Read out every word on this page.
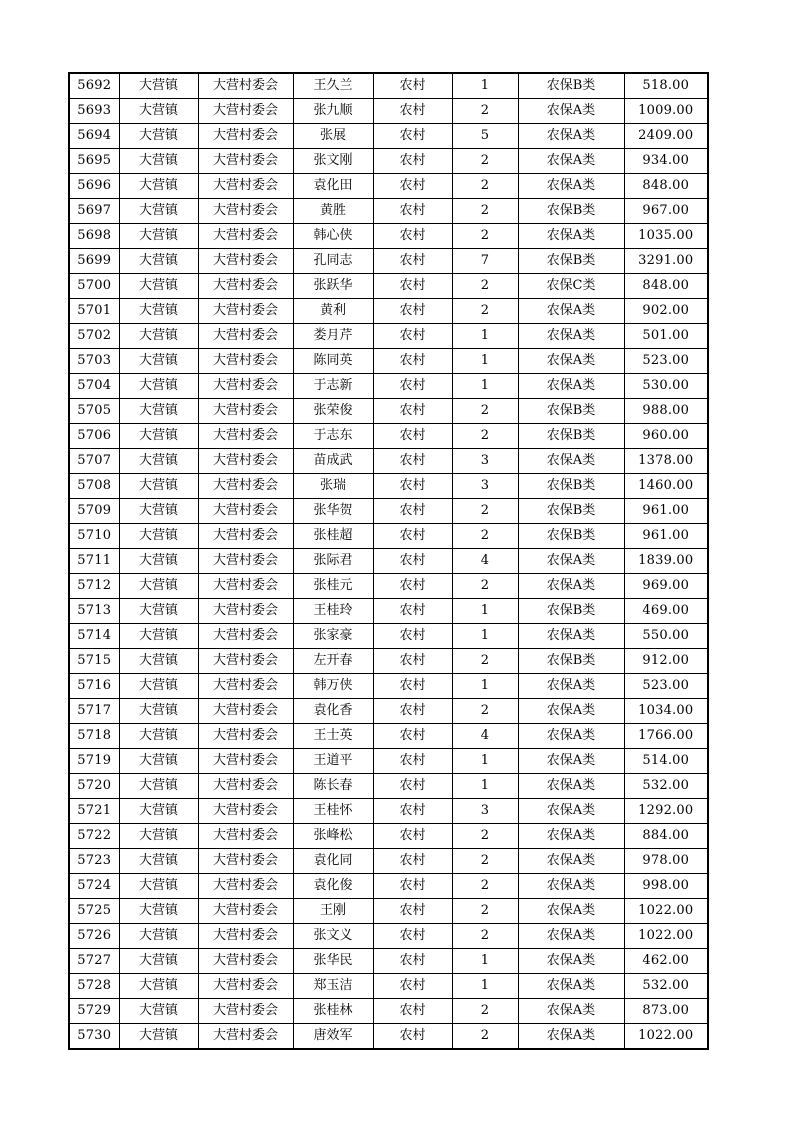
5692	大营镇	大营村委会	王久兰	农村	1	农保B类	518.00
5693	大营镇	大营村委会	张九顺	农村	2	农保A类	1009.00
5694	大营镇	大营村委会	张展	农村	5	农保A类	2409.00
5695	大营镇	大营村委会	张文刚	农村	2	农保A类	934.00
5696	大营镇	大营村委会	袁化田	农村	2	农保A类	848.00
5697	大营镇	大营村委会	黄胜	农村	2	农保B类	967.00
5698	大营镇	大营村委会	韩心侠	农村	2	农保A类	1035.00
5699	大营镇	大营村委会	孔同志	农村	7	农保B类	3291.00
5700	大营镇	大营村委会	张跃华	农村	2	农保C类	848.00
5701	大营镇	大营村委会	黄利	农村	2	农保A类	902.00
5702	大营镇	大营村委会	娄月芹	农村	1	农保A类	501.00
5703	大营镇	大营村委会	陈同英	农村	1	农保A类	523.00
5704	大营镇	大营村委会	于志新	农村	1	农保A类	530.00
5705	大营镇	大营村委会	张荣俊	农村	2	农保B类	988.00
5706	大营镇	大营村委会	于志东	农村	2	农保B类	960.00
5707	大营镇	大营村委会	苗成武	农村	3	农保A类	1378.00
5708	大营镇	大营村委会	张瑞	农村	3	农保B类	1460.00
5709	大营镇	大营村委会	张华贺	农村	2	农保B类	961.00
5710	大营镇	大营村委会	张桂超	农村	2	农保B类	961.00
5711	大营镇	大营村委会	张际君	农村	4	农保A类	1839.00
5712	大营镇	大营村委会	张桂元	农村	2	农保A类	969.00
5713	大营镇	大营村委会	王桂玲	农村	1	农保B类	469.00
5714	大营镇	大营村委会	张家豪	农村	1	农保A类	550.00
5715	大营镇	大营村委会	左开春	农村	2	农保B类	912.00
5716	大营镇	大营村委会	韩万侠	农村	1	农保A类	523.00
5717	大营镇	大营村委会	袁化香	农村	2	农保A类	1034.00
5718	大营镇	大营村委会	王士英	农村	4	农保A类	1766.00
5719	大营镇	大营村委会	王道平	农村	1	农保A类	514.00
5720	大营镇	大营村委会	陈长春	农村	1	农保A类	532.00
5721	大营镇	大营村委会	王桂怀	农村	3	农保A类	1292.00
5722	大营镇	大营村委会	张峰松	农村	2	农保A类	884.00
5723	大营镇	大营村委会	袁化同	农村	2	农保A类	978.00
5724	大营镇	大营村委会	袁化俊	农村	2	农保A类	998.00
5725	大营镇	大营村委会	王刚	农村	2	农保A类	1022.00
5726	大营镇	大营村委会	张文义	农村	2	农保A类	1022.00
5727	大营镇	大营村委会	张华民	农村	1	农保A类	462.00
5728	大营镇	大营村委会	郑玉洁	农村	1	农保A类	532.00
5729	大营镇	大营村委会	张桂林	农村	2	农保A类	873.00
5730	大营镇	大营村委会	唐效军	农村	2	农保A类	1022.00
